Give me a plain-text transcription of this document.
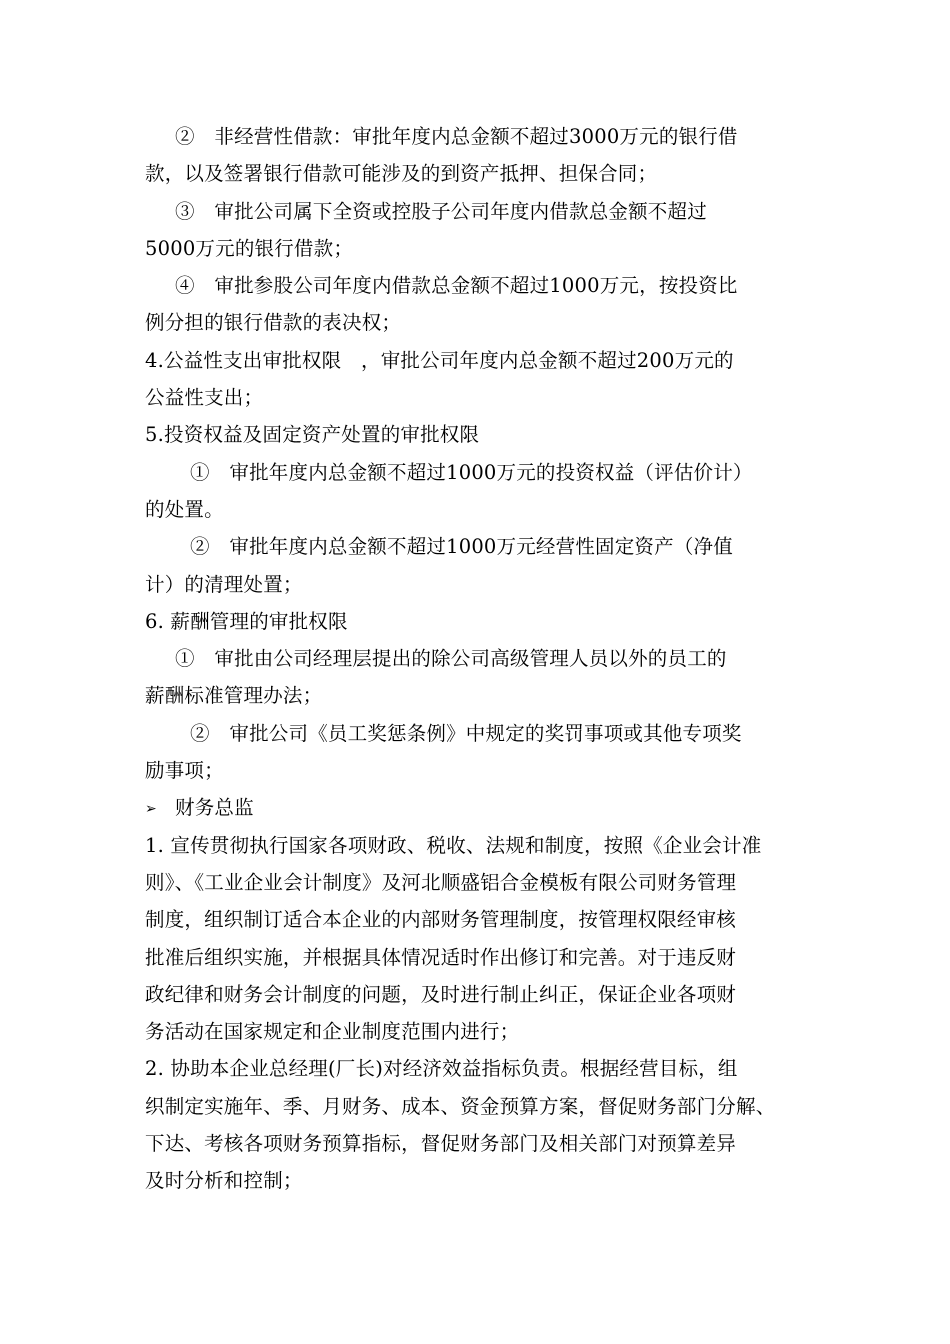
②　非经营性借款：审批年度内总金额不超过3000万元的银行借
款，以及签署银行借款可能涉及的到资产抵押、担保合同；
③　审批公司属下全资或控股子公司年度内借款总金额不超过
5000万元的银行借款；
④　审批参股公司年度内借款总金额不超过1000万元，按投资比
例分担的银行借款的表决权；
4.公益性支出审批权限　，审批公司年度内总金额不超过200万元的
公益性支出；
5.投资权益及固定资产处置的审批权限
①　审批年度内总金额不超过1000万元的投资权益（评估价计）
的处置。
②　审批年度内总金额不超过1000万元经营性固定资产（净值
计）的清理处置；
6. 薪酬管理的审批权限
①　审批由公司经理层提出的除公司高级管理人员以外的员工的
薪酬标准管理办法；
②　审批公司《员工奖惩条例》中规定的奖罚事项或其他专项奖
励事项；
➢ 财务总监
1. 宣传贯彻执行国家各项财政、税收、法规和制度，按照《企业会计准
则》、《工业企业会计制度》及河北顺盛铝合金模板有限公司财务管理
制度，组织制订适合本企业的内部财务管理制度，按管理权限经审核
批准后组织实施，并根据具体情况适时作出修订和完善。对于违反财
政纪律和财务会计制度的问题，及时进行制止纠正，保证企业各项财
务活动在国家规定和企业制度范围内进行；
2. 协助本企业总经理(厂长)对经济效益指标负责。根据经营目标，组
织制定实施年、季、月财务、成本、资金预算方案，督促财务部门分解、
下达、考核各项财务预算指标，督促财务部门及相关部门对预算差异
及时分析和控制；
